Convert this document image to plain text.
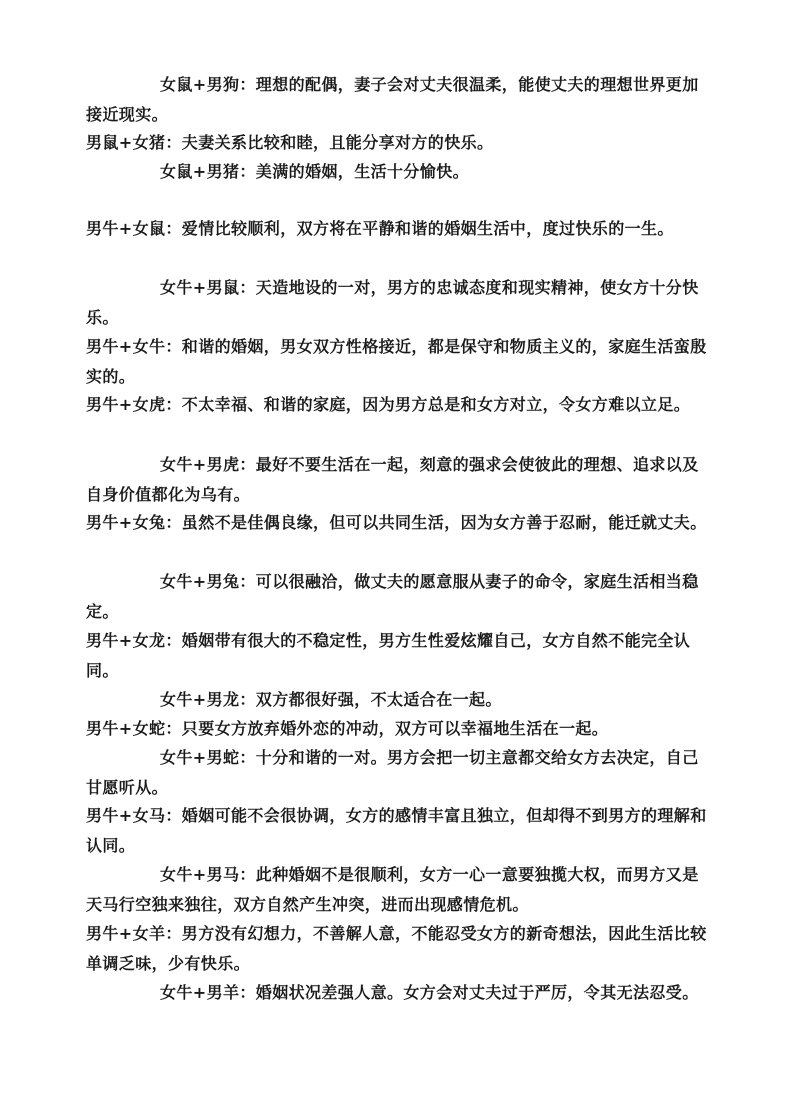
女鼠+男狗：理想的配偶，妻子会对丈夫很温柔，能使丈夫的理想世界更加接近现实。

男鼠+女猪：夫妻关系比较和睦，且能分享对方的快乐。

女鼠+男猪：美满的婚姻，生活十分愉快。

男牛+女鼠：爱情比较顺利，双方将在平静和谐的婚姻生活中，度过快乐的一生。

女牛+男鼠：天造地设的一对，男方的忠诚态度和现实精神，使女方十分快乐。

男牛+女牛：和谐的婚姻，男女双方性格接近，都是保守和物质主义的，家庭生活蛮殷实的。

男牛+女虎：不太幸福、和谐的家庭，因为男方总是和女方对立，令女方难以立足。

女牛+男虎：最好不要生活在一起，刻意的强求会使彼此的理想、追求以及自身价值都化为乌有。

男牛+女兔：虽然不是佳偶良缘，但可以共同生活，因为女方善于忍耐，能迁就丈夫。

女牛+男兔：可以很融洽，做丈夫的愿意服从妻子的命令，家庭生活相当稳定。

男牛+女龙：婚姻带有很大的不稳定性，男方生性爱炫耀自己，女方自然不能完全认同。

女牛+男龙：双方都很好强，不太适合在一起。

男牛+女蛇：只要女方放弃婚外恋的冲动，双方可以幸福地生活在一起。

女牛+男蛇：十分和谐的一对。男方会把一切主意都交给女方去决定，自己甘愿听从。

男牛+女马：婚姻可能不会很协调，女方的感情丰富且独立，但却得不到男方的理解和认同。

女牛+男马：此种婚姻不是很顺利，女方一心一意要独揽大权，而男方又是天马行空独来独往，双方自然产生冲突，进而出现感情危机。

男牛+女羊：男方没有幻想力，不善解人意，不能忍受女方的新奇想法，因此生活比较单调乏味，少有快乐。

女牛+男羊：婚姻状况差强人意。女方会对丈夫过于严厉，令其无法忍受。
